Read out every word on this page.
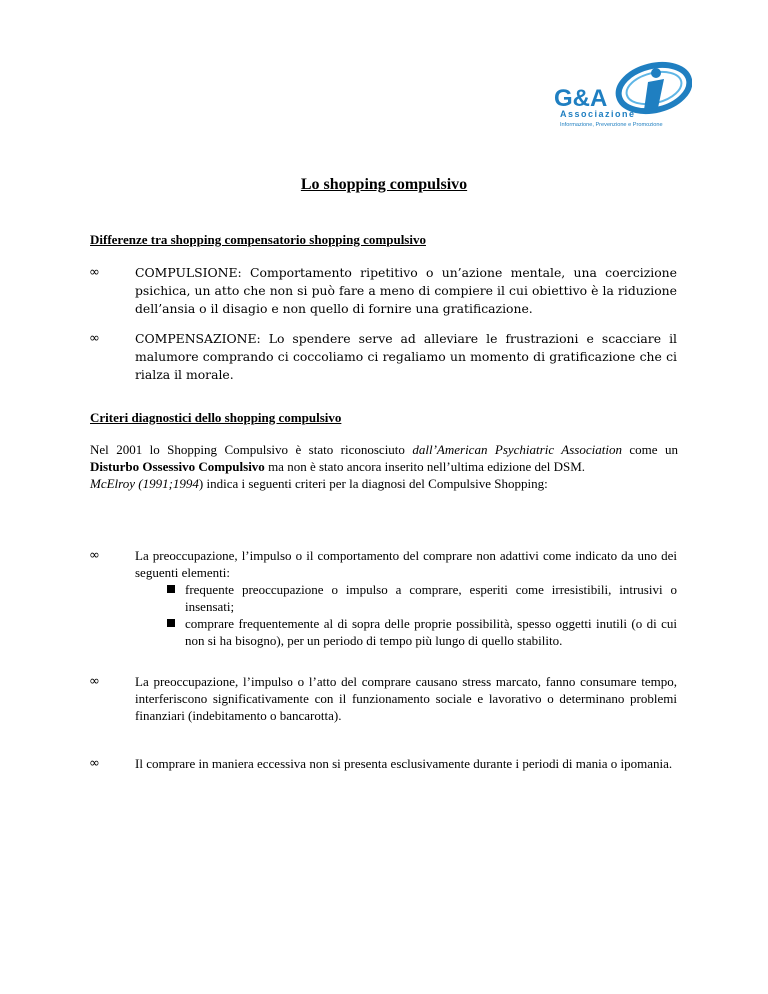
G&A
Associazione
Informazione, Prevenzione e Promozione
Lo shopping compulsivo
Differenze tra shopping compensatorio shopping compulsivo
∞	COMPULSIONE: Comportamento ripetitivo o un’azione mentale, una coercizione psichica, un atto che non si può fare a meno di compiere il cui obiettivo è la riduzione dell’ansia o il disagio e non quello di fornire una gratificazione.
∞	COMPENSAZIONE: Lo spendere serve ad alleviare le frustrazioni e scacciare il malumore comprando ci coccoliamo ci regaliamo un momento di gratificazione che ci rialza il morale.
Criteri diagnostici dello shopping compulsivo
Nel 2001 lo Shopping Compulsivo è stato riconosciuto dall’American Psychiatric Association come un Disturbo Ossessivo Compulsivo ma non è stato ancora inserito nell’ultima edizione del DSM.
McElroy (1991;1994) indica i seguenti criteri per la diagnosi del Compulsive Shopping:
∞	La preoccupazione, l’impulso o il comportamento del comprare non adattivi come indicato da uno dei seguenti elementi:
frequente preoccupazione o impulso a comprare, esperiti come irresistibili, intrusivi o insensati;
comprare frequentemente al di sopra delle proprie possibilità, spesso oggetti inutili (o di cui non si ha bisogno), per un periodo di tempo più lungo di quello stabilito.
∞	La preoccupazione, l’impulso o l’atto del comprare causano stress marcato, fanno consumare tempo, interferiscono significativamente con il funzionamento sociale e lavorativo o determinano problemi finanziari (indebitamento o bancarotta).
∞	Il comprare in maniera eccessiva non si presenta esclusivamente durante i periodi di mania o ipomania.
